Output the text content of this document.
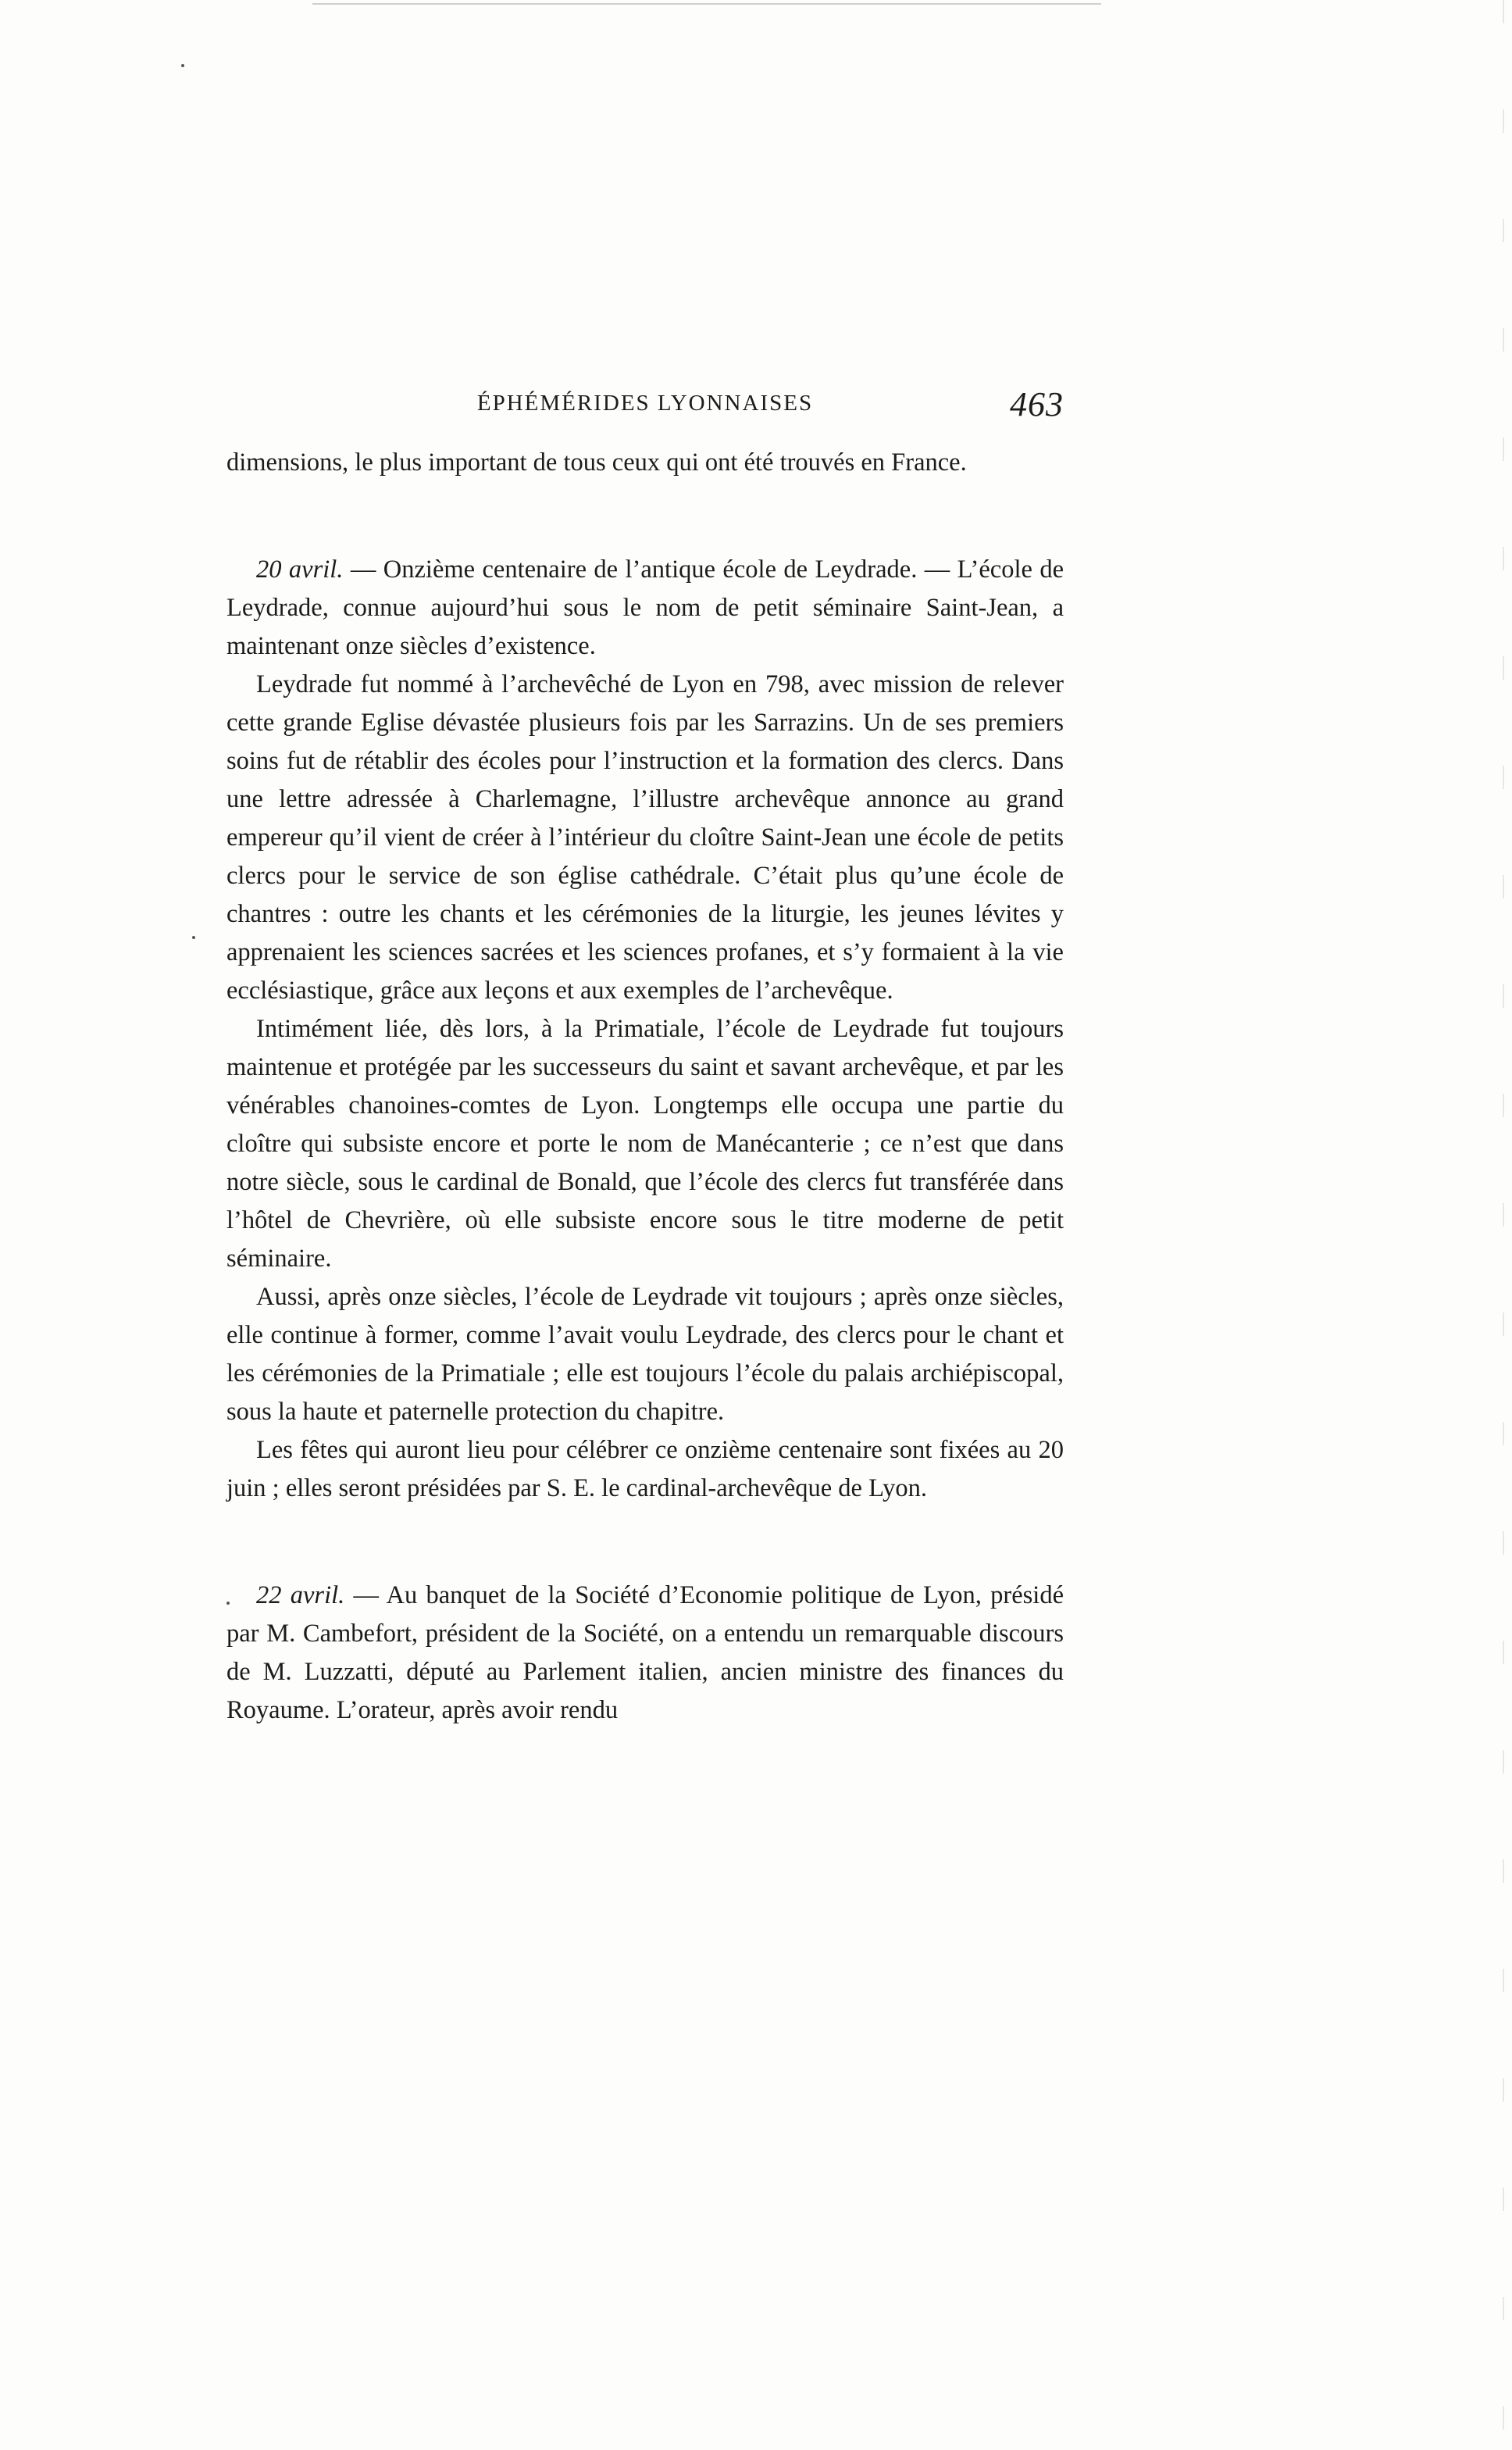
ÉPHÉMÉRIDES LYONNAISES	463

dimensions, le plus important de tous ceux qui ont été trouvés en France.

20 avril. — Onzième centenaire de l’antique école de Leydrade. — L’école de Leydrade, connue aujourd’hui sous le nom de petit séminaire Saint-Jean, a maintenant onze siècles d’existence.

Leydrade fut nommé à l’archevêché de Lyon en 798, avec mission de relever cette grande Eglise dévastée plusieurs fois par les Sarrazins. Un de ses premiers soins fut de rétablir des écoles pour l’instruction et la formation des clercs. Dans une lettre adressée à Charlemagne, l’illustre archevêque annonce au grand empereur qu’il vient de créer à l’intérieur du cloître Saint-Jean une école de petits clercs pour le service de son église cathédrale. C’était plus qu’une école de chantres : outre les chants et les cérémonies de la liturgie, les jeunes lévites y apprenaient les sciences sacrées et les sciences profanes, et s’y formaient à la vie ecclésiastique, grâce aux leçons et aux exemples de l’archevêque.

Intimément liée, dès lors, à la Primatiale, l’école de Leydrade fut toujours maintenue et protégée par les successeurs du saint et savant archevêque, et par les vénérables chanoines-comtes de Lyon. Longtemps elle occupa une partie du cloître qui subsiste encore et porte le nom de Manécanterie ; ce n’est que dans notre siècle, sous le cardinal de Bonald, que l’école des clercs fut transférée dans l’hôtel de Chevrière, où elle subsiste encore sous le titre moderne de petit séminaire.

Aussi, après onze siècles, l’école de Leydrade vit toujours ; après onze siècles, elle continue à former, comme l’avait voulu Leydrade, des clercs pour le chant et les cérémonies de la Primatiale ; elle est toujours l’école du palais archiépiscopal, sous la haute et paternelle protection du chapitre.

Les fêtes qui auront lieu pour célébrer ce onzième centenaire sont fixées au 20 juin ; elles seront présidées par S. E. le cardinal-archevêque de Lyon.

22 avril. — Au banquet de la Société d’Economie politique de Lyon, présidé par M. Cambefort, président de la Société, on a entendu un remarquable discours de M. Luzzatti, député au Parlement italien, ancien ministre des finances du Royaume. L’orateur, après avoir rendu
